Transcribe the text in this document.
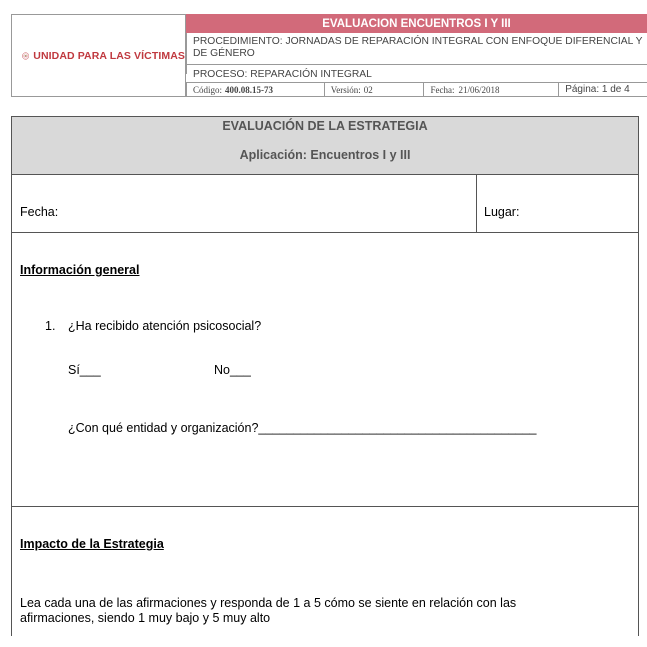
UNIDAD PARA LAS VÍCTIMAS
EVALUACION ENCUENTROS I Y III
PROCEDIMIENTO: JORNADAS DE REPARACIÓN INTEGRAL CON ENFOQUE DIFERENCIAL Y DE GÉNERO
PROCESO: REPARACIÓN INTEGRAL
Código: 400.08.15-73	Versión: 02	Fecha: 21/06/2018	Página: 1 de 4
EVALUACIÓN DE LA ESTRATEGIA
Aplicación: Encuentros I y III
Fecha:	Lugar:
Información general
1. ¿Ha recibido atención psicosocial?
Sí___	No___
¿Con qué entidad y organización?________________________________________
Impacto de la Estrategia
Lea cada una de las afirmaciones y responda de 1 a 5 cómo se siente en relación con las afirmaciones, siendo 1 muy bajo y 5 muy alto
